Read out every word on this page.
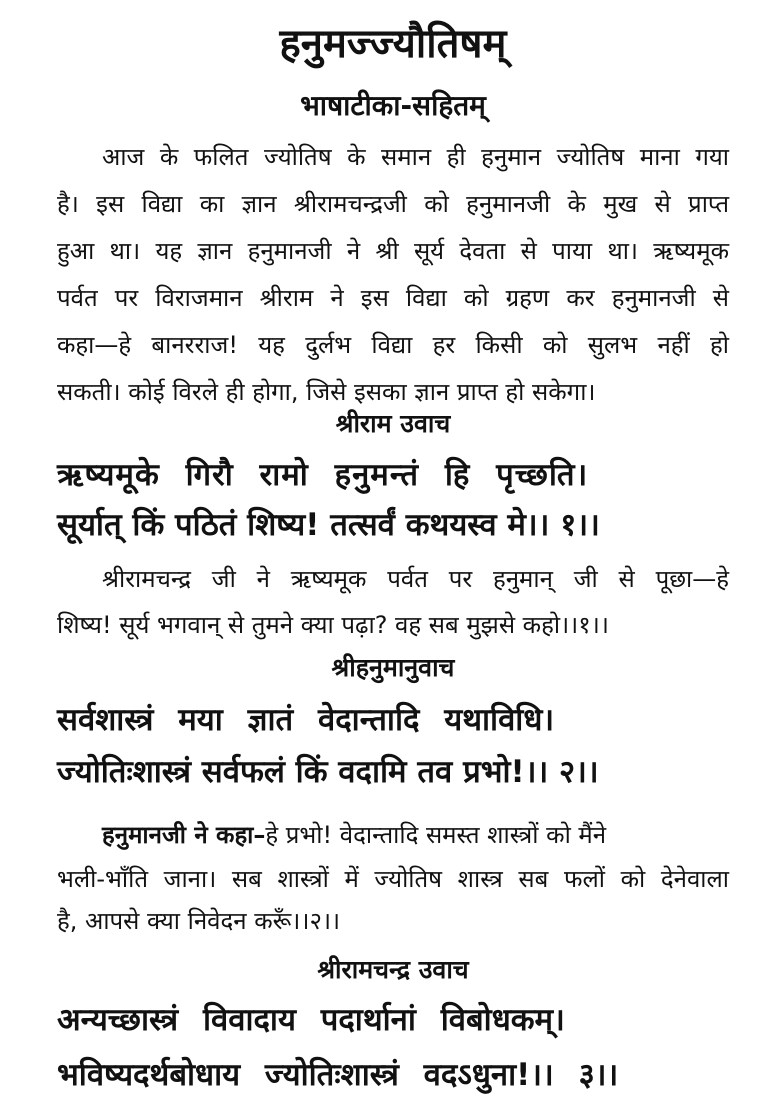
हनुमज्ज्यौतिषम्
भाषाटीका-सहितम्
आज के फलित ज्योतिष के समान ही हनुमान ज्योतिष माना गया
है। इस विद्या का ज्ञान श्रीरामचन्द्रजी को हनुमानजी के मुख से प्राप्त
हुआ था। यह ज्ञान हनुमानजी ने श्री सूर्य देवता से पाया था। ऋष्यमूक
पर्वत पर विराजमान श्रीराम ने इस विद्या को ग्रहण कर हनुमानजी से
कहा—हे बानरराज! यह दुर्लभ विद्या हर किसी को सुलभ नहीं हो
सकती। कोई विरले ही होगा, जिसे इसका ज्ञान प्राप्त हो सकेगा।
श्रीराम उवाच
ऋष्यमूके गिरौ रामो हनुमन्तं हि पृच्छति।
सूर्यात् किं पठितं शिष्य! तत्सर्वं कथयस्व मे।। १।।
श्रीरामचन्द्र जी ने ऋष्यमूक पर्वत पर हनुमान् जी से पूछा—हे
शिष्य! सूर्य भगवान् से तुमने क्या पढ़ा? वह सब मुझसे कहो।।१।।
श्रीहनुमानुवाच
सर्वशास्त्रं मया ज्ञातं वेदान्तादि यथाविधि।
ज्योतिःशास्त्रं सर्वफलं किं वदामि तव प्रभो!।। २।।
हनुमानजी ने कहा–हे प्रभो! वेदान्तादि समस्त शास्त्रों को मैंने
भली-भाँति जाना। सब शास्त्रों में ज्योतिष शास्त्र सब फलों को देनेवाला
है, आपसे क्या निवेदन करूँ।।२।।
श्रीरामचन्द्र उवाच
अन्यच्छास्त्रं विवादाय पदार्थानां विबोधकम्।
भविष्यदर्थबोधाय ज्योतिःशास्त्रं वदऽधुना!।। ३।।
